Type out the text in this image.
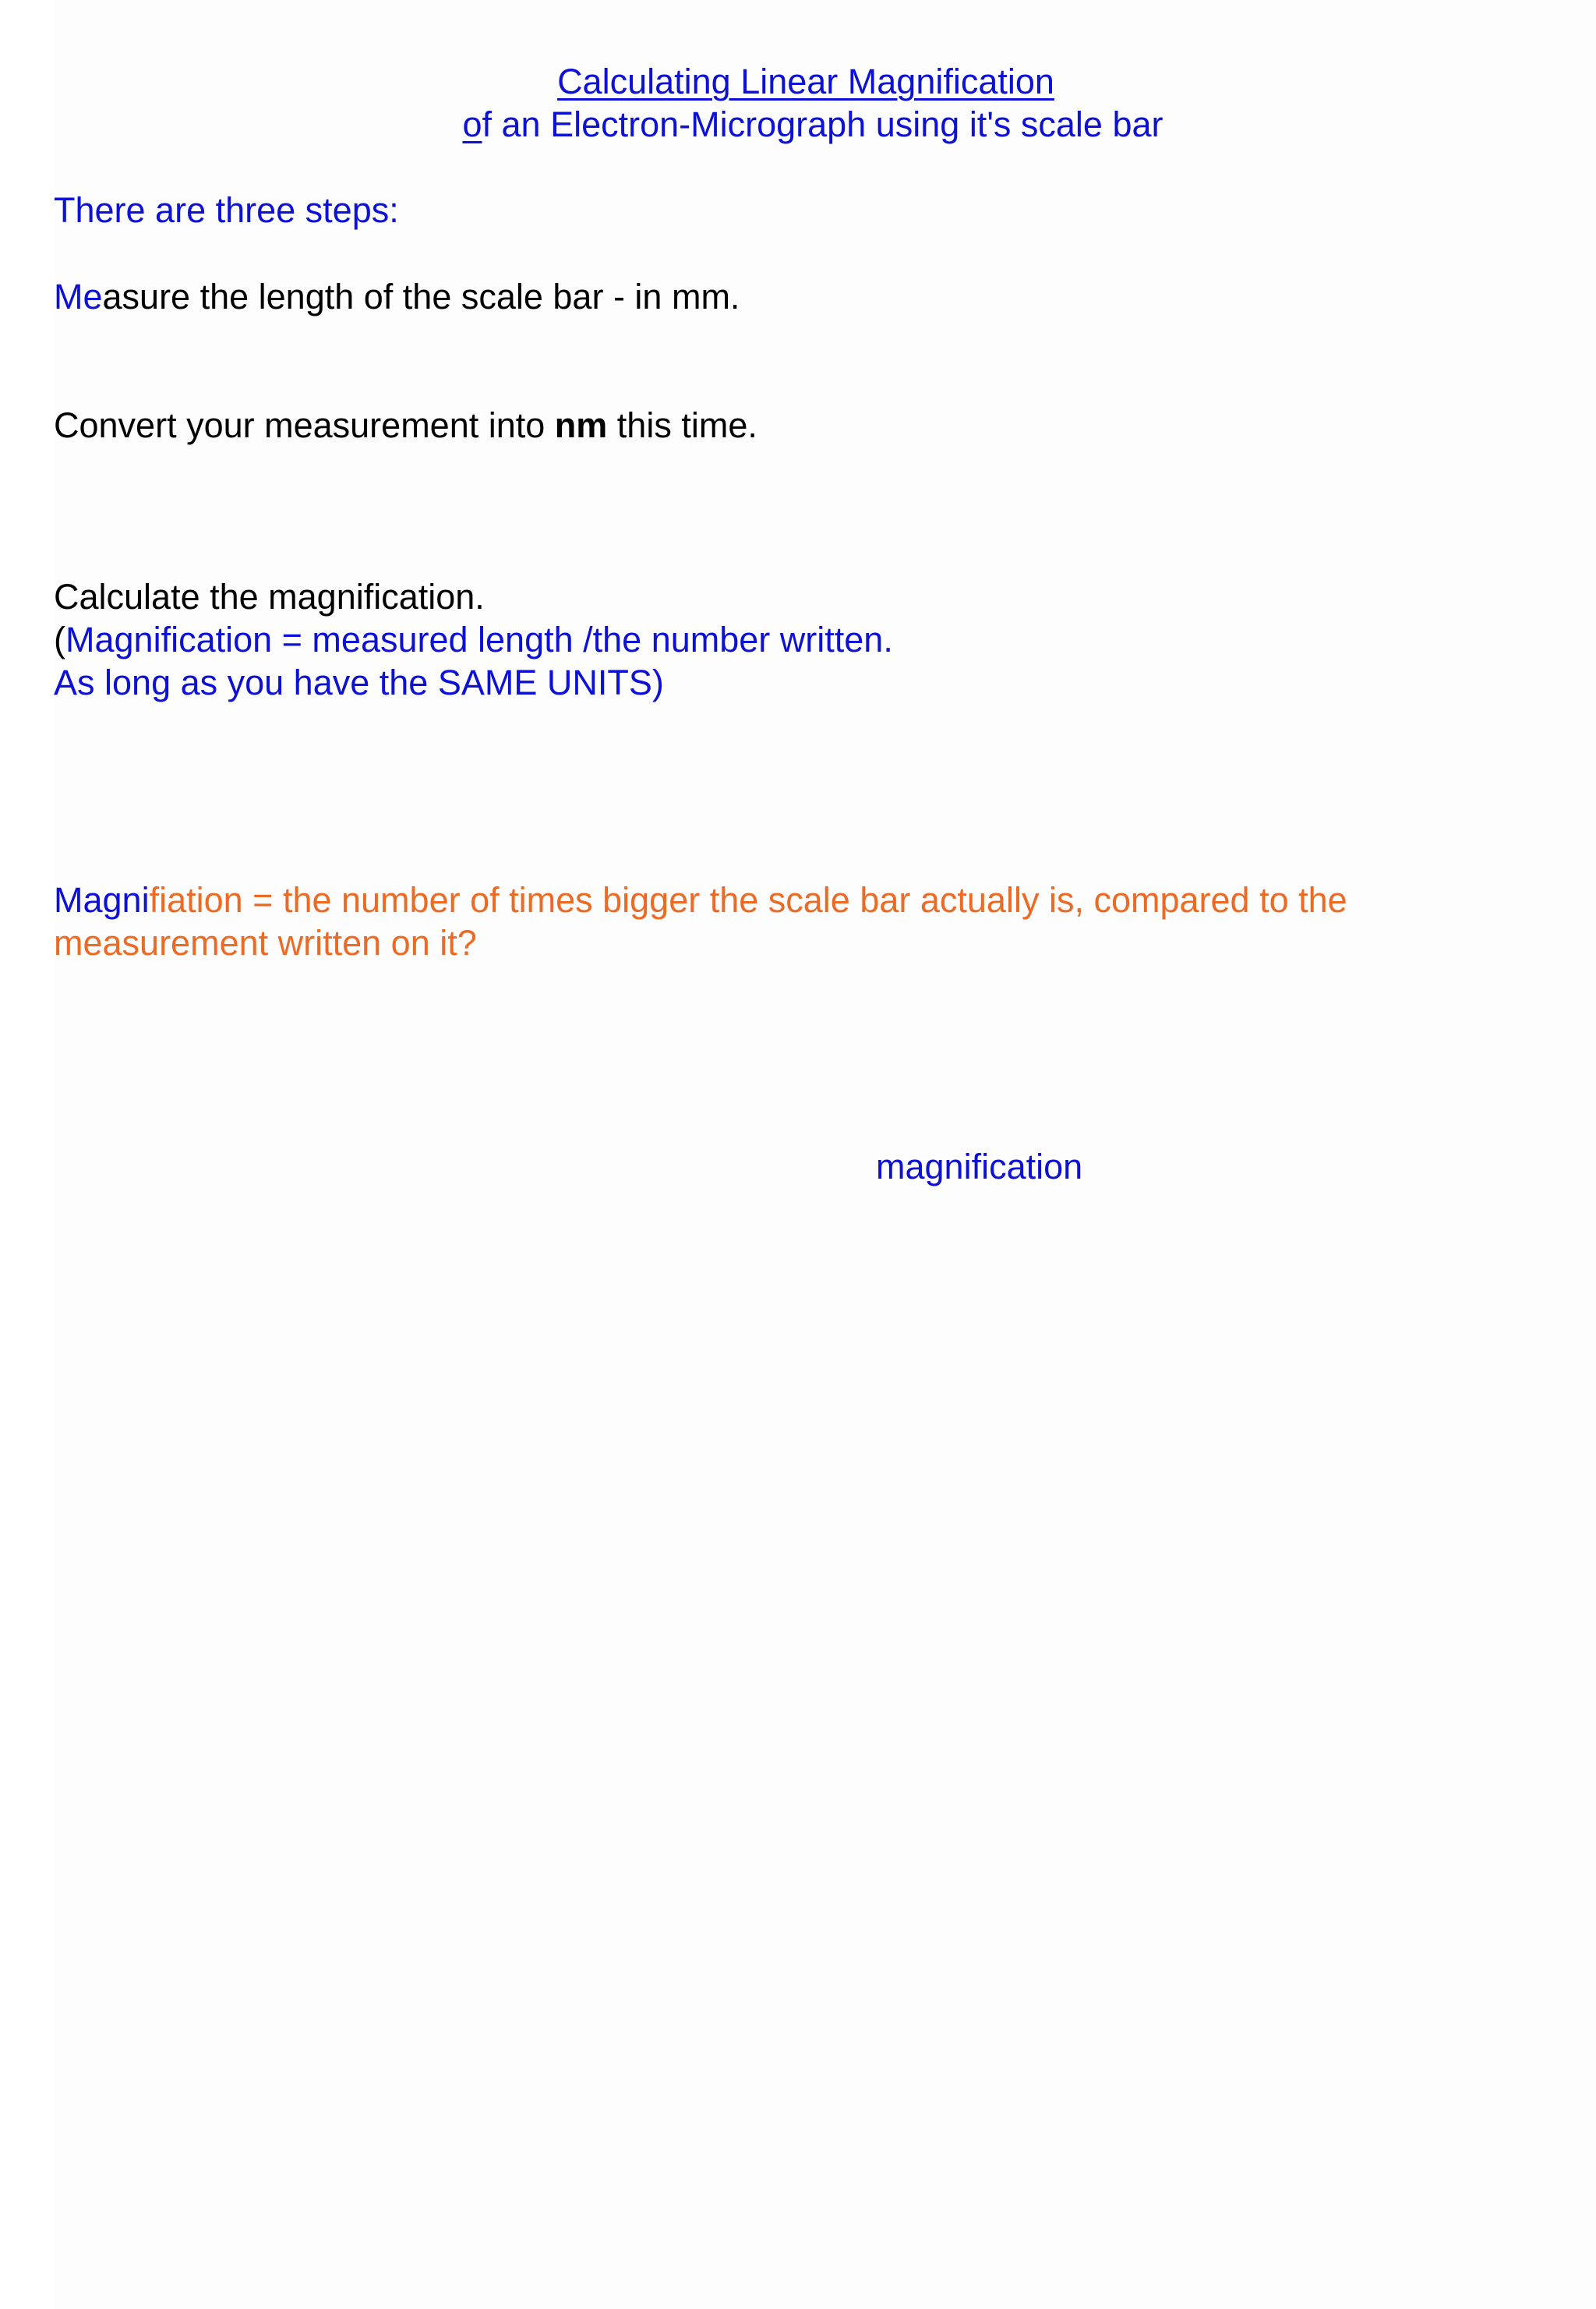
Calculating Linear Magnification
of an Electron-Micrograph using it's scale bar
There are three steps:
Measure the length of the scale bar - in mm.
Convert your measurement into nm this time.
Calculate the magnification.
(Magnification = measured length /the number written.
As long as you have the SAME UNITS)
Magnifiation = the number of times bigger the scale bar actually is, compared to the
measurement written on it?
magnification
